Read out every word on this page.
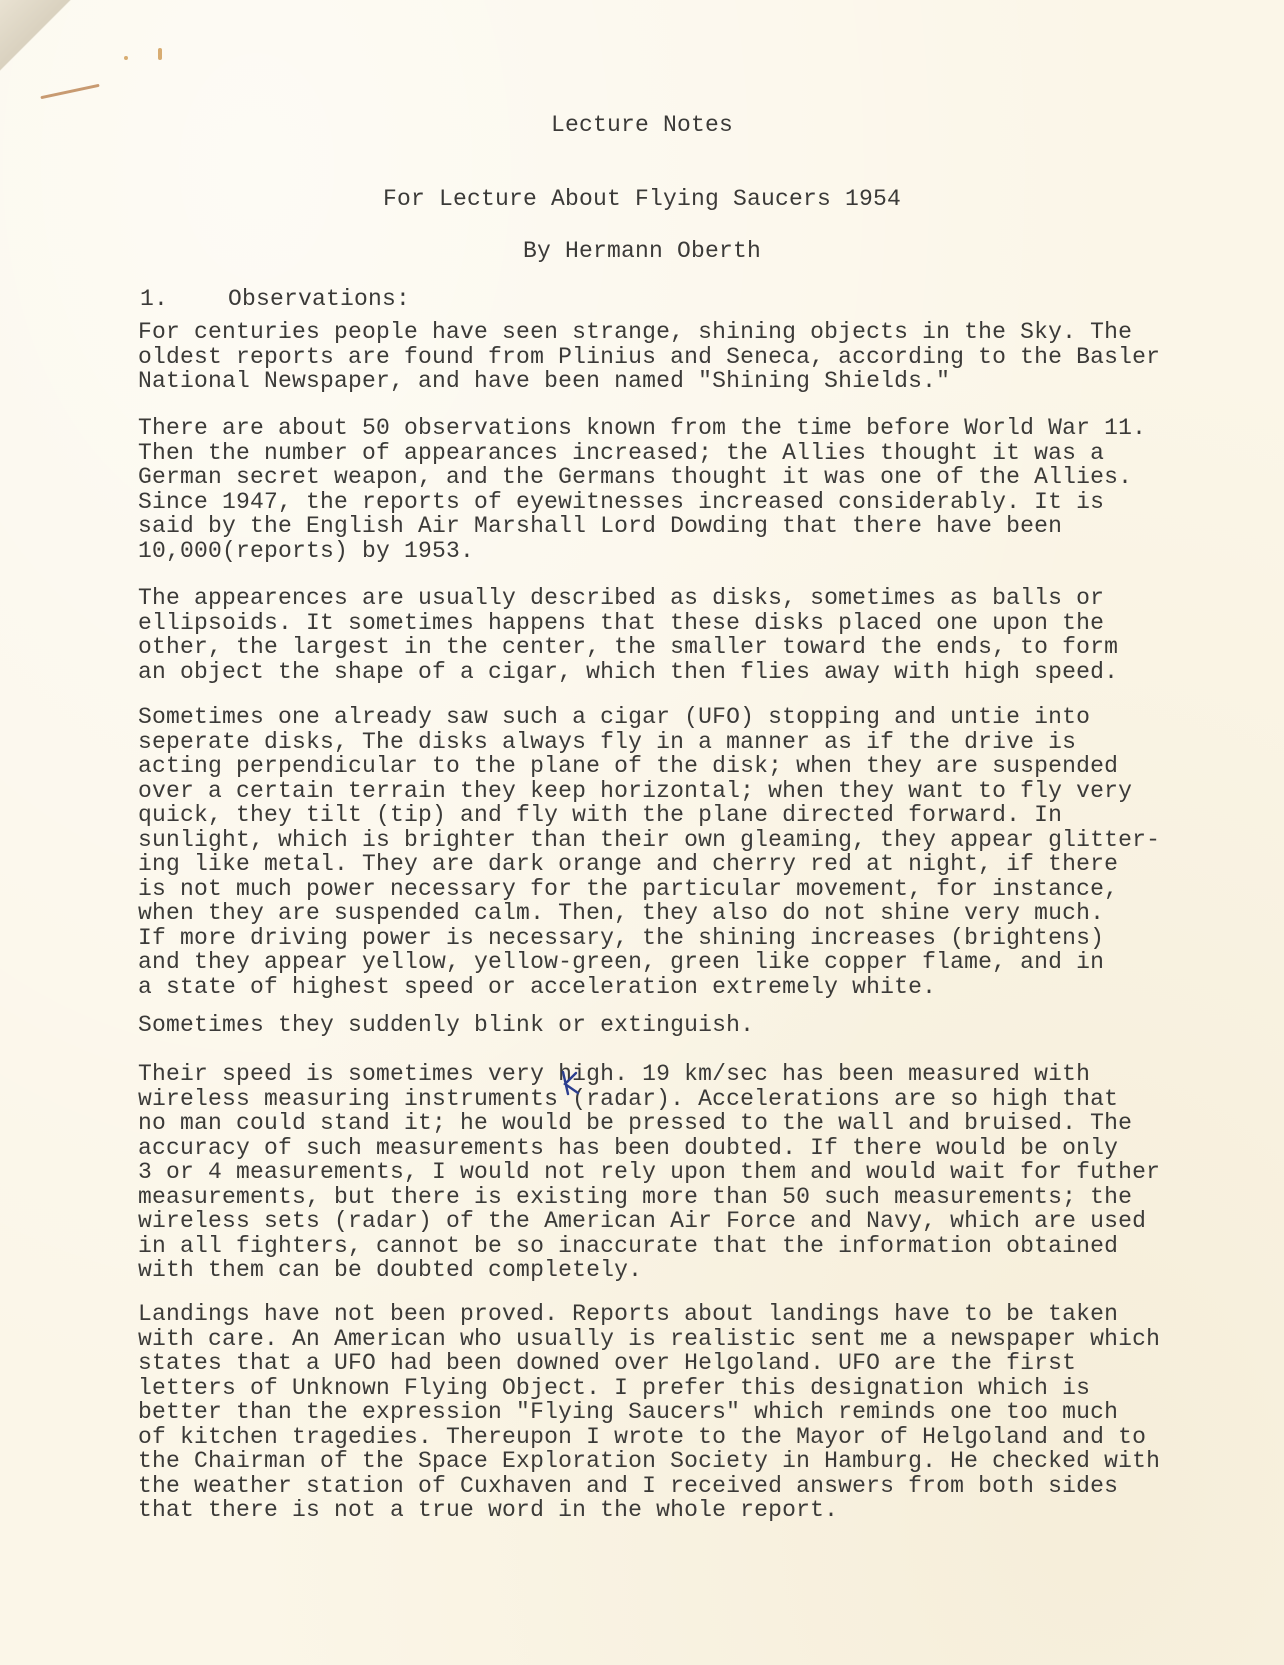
Lecture Notes

For Lecture About Flying Saucers 1954

By Hermann Oberth

1.	Observations:

For centuries people have seen strange, shining objects in the Sky. The
oldest reports are found from Plinius and Seneca, according to the Basler
National Newspaper, and have been named "Shining Shields."

There are about 50 observations known from the time before World War 11.
Then the number of appearances increased; the Allies thought it was a
German secret weapon, and the Germans thought it was one of the Allies.
Since 1947, the reports of eyewitnesses increased considerably. It is
said by the English Air Marshall Lord Dowding that there have been
10,000(reports) by 1953.

The appearences are usually described as disks, sometimes as balls or
ellipsoids. It sometimes happens that these disks placed one upon the
other, the largest in the center, the smaller toward the ends, to form
an object the shape of a cigar, which then flies away with high speed.

Sometimes one already saw such a cigar (UFO) stopping and untie into
seperate disks, The disks always fly in a manner as if the drive is
acting perpendicular to the plane of the disk; when they are suspended
over a certain terrain they keep horizontal; when they want to fly very
quick, they tilt (tip) and fly with the plane directed forward. In
sunlight, which is brighter than their own gleaming, they appear glitter-
ing like metal. They are dark orange and cherry red at night, if there
is not much power necessary for the particular movement, for instance,
when they are suspended calm. Then, they also do not shine very much.
If more driving power is necessary, the shining increases (brightens)
and they appear yellow, yellow-green, green like copper flame, and in
a state of highest speed or acceleration extremely white.

Sometimes they suddenly blink or extinguish.

Their speed is sometimes very high. 19 km/sec has been measured with
wireless measuring instruments (radar). Accelerations are so high that
no man could stand it; he would be pressed to the wall and bruised. The
accuracy of such measurements has been doubted. If there would be only
3 or 4 measurements, I would not rely upon them and would wait for futher
measurements, but there is existing more than 50 such measurements; the
wireless sets (radar) of the American Air Force and Navy, which are used
in all fighters, cannot be so inaccurate that the information obtained
with them can be doubted completely.

Landings have not been proved. Reports about landings have to be taken
with care. An American who usually is realistic sent me a newspaper which
states that a UFO had been downed over Helgoland. UFO are the first
letters of Unknown Flying Object. I prefer this designation which is
better than the expression "Flying Saucers" which reminds one too much
of kitchen tragedies. Thereupon I wrote to the Mayor of Helgoland and to
the Chairman of the Space Exploration Society in Hamburg. He checked with
the weather station of Cuxhaven and I received answers from both sides
that there is not a true word in the whole report.
